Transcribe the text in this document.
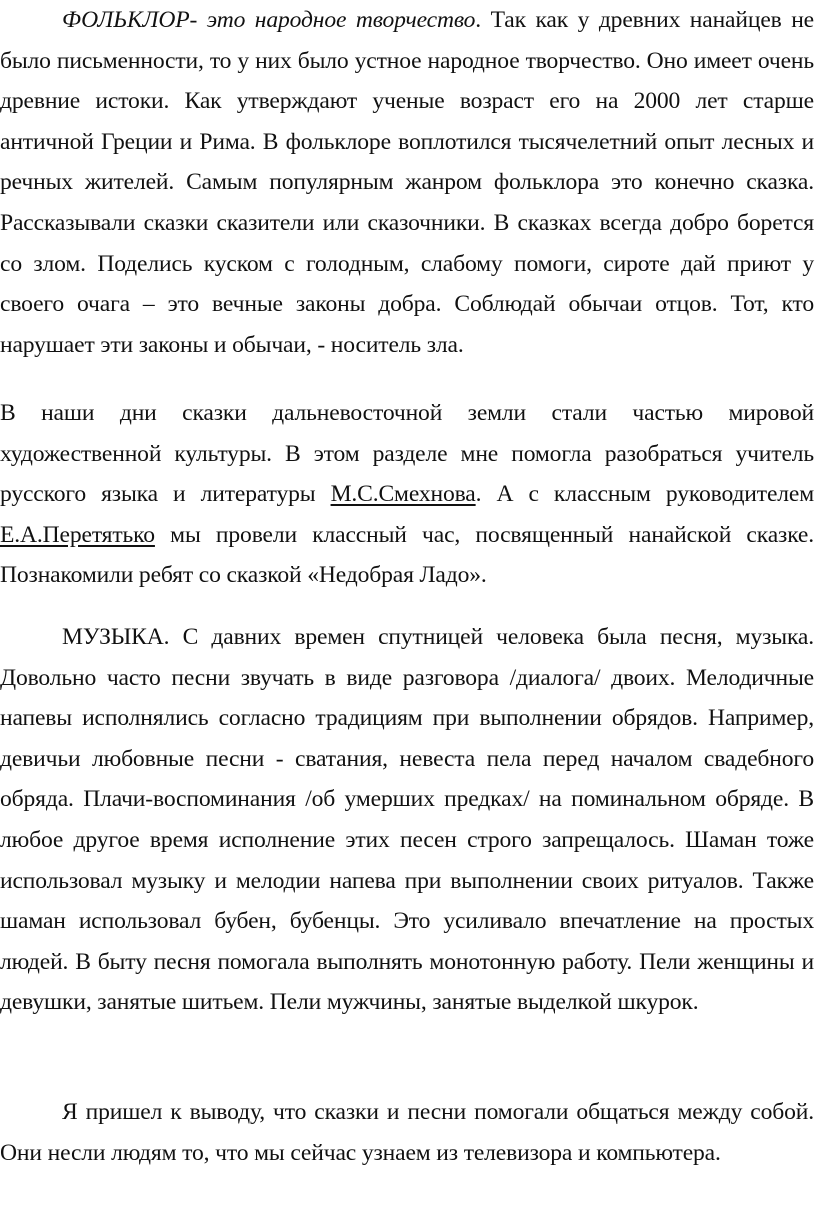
ФОЛЬКЛОР- это народное творчество. Так как у древних нанайцев не было письменности, то у них было устное народное творчество. Оно имеет очень древние истоки. Как утверждают ученые возраст его на 2000 лет старше античной Греции и Рима. В фольклоре воплотился тысячелетний опыт лесных и речных жителей. Самым популярным жанром фольклора это конечно сказка. Рассказывали сказки сказители или сказочники. В сказках всегда добро борется со злом. Поделись куском с голодным, слабому помоги, сироте дай приют у своего очага – это вечные законы добра. Соблюдай обычаи отцов. Тот, кто нарушает эти законы и обычаи, - носитель зла.

В наши дни сказки дальневосточной земли стали частью мировой художественной культуры. В этом разделе мне помогла разобраться учитель русского языка и литературы М.С.Смехнова. А с классным руководителем Е.А.Перетятько мы провели классный час, посвященный нанайской сказке. Познакомили ребят со сказкой «Недобрая Ладо».

МУЗЫКА. С давних времен спутницей человека была песня, музыка. Довольно часто песни звучать в виде разговора /диалога/ двоих. Мелодичные напевы исполнялись согласно традициям при выполнении обрядов. Например, девичьи любовные песни - сватания, невеста пела перед началом свадебного обряда. Плачи-воспоминания /об умерших предках/ на поминальном обряде. В любое другое время исполнение этих песен строго запрещалось. Шаман тоже использовал музыку и мелодии напева при выполнении своих ритуалов. Также шаман использовал бубен, бубенцы. Это усиливало впечатление на простых людей. В быту песня помогала выполнять монотонную работу. Пели женщины и девушки, занятые шитьем. Пели мужчины, занятые выделкой шкурок.

Я пришел к выводу, что сказки и песни помогали общаться между собой. Они несли людям то, что мы сейчас узнаем из телевизора и компьютера.
